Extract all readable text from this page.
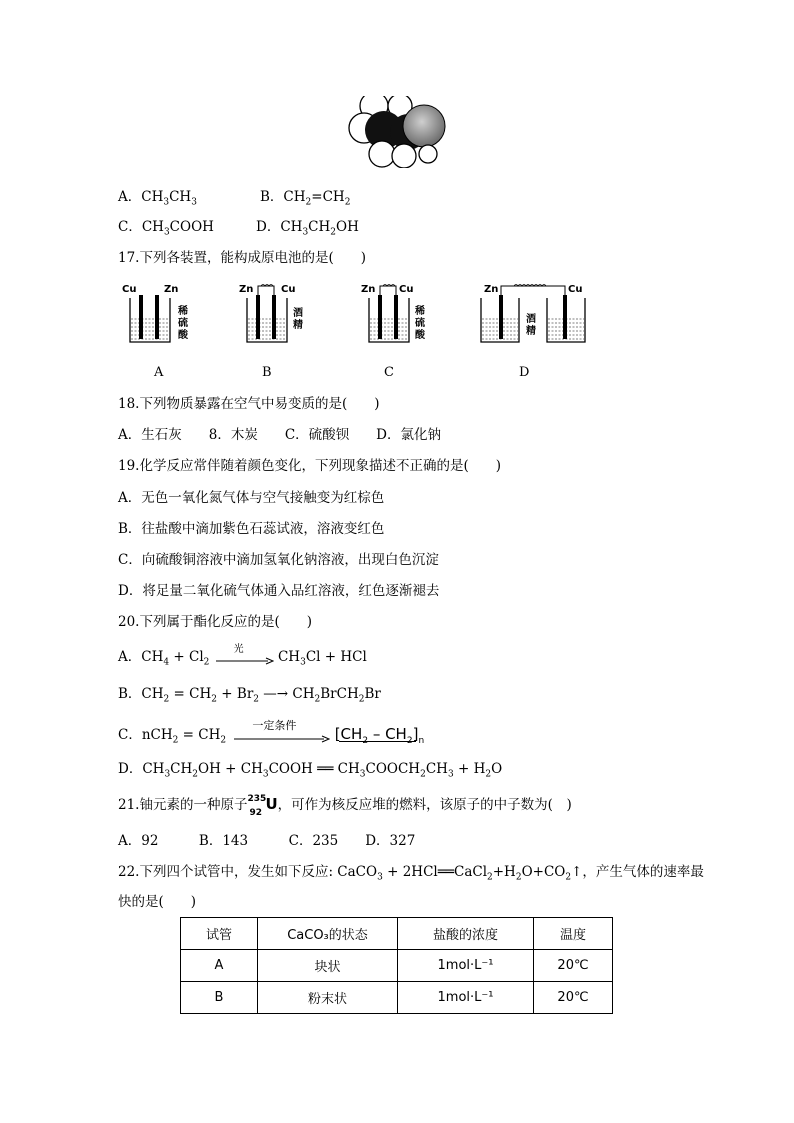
A．$CH_3CH_3$	B．$CH_2=CH_2$
C．$CH_3COOH$	D．$CH_3CH_2OH$
17.下列各装置，能构成原电池的是(　　)
Cu	Zn
稀
硫
酸
A
Zn	Cu
酒
精
B
Zn Cu
稀
硫
酸
C
Zn	Cu
酒
精
D
18.下列物质暴露在空气中易变质的是(　　)
A．生石灰　　8．木炭　　C．硫酸钡　　D．氯化钠
19.化学反应常伴随着颜色变化，下列现象描述不正确的是(　　)
A．无色一氧化氮气体与空气接触变为红棕色
B．往盐酸中滴加紫色石蕊试液，溶液变红色
C．向硫酸铜溶液中滴加氢氧化钠溶液，出现白色沉淀
D．将足量二氧化硫气体通入品红溶液，红色逐渐褪去
20.下列属于酯化反应的是(　　)
A．$CH_4 + Cl_2$
光 $CH_3Cl$ + HCl
B．$CH_2 = CH_2 + Br_2$ —→ $CH_2BrCH_2Br$
C．$nCH_2 = CH_2$
一定条件	$[CH_2 - CH_2]_n$
D．$CH_3CH_2OH$ + $CH_3COOH$ ══ $CH_3COOCH_2CH_3 + H_2O$
21.铀元素的一种原子 235
92 U，可作为核反应堆的燃料，该原子的中子数为(　)
A．92　　　B．143　　　C．235　　D．327
22.下列四个试管中，发生如下反应: CaCO$_3$ + $2HCl══CaCl_2+H_2O+CO_2↑$，产生气体的速率最
快的是(　　)
试管	CaCO₃的状态	盐酸的浓度	温度
A	块状	1mol·L⁻¹	20℃
B	粉末状	1mol·L⁻¹	20℃
